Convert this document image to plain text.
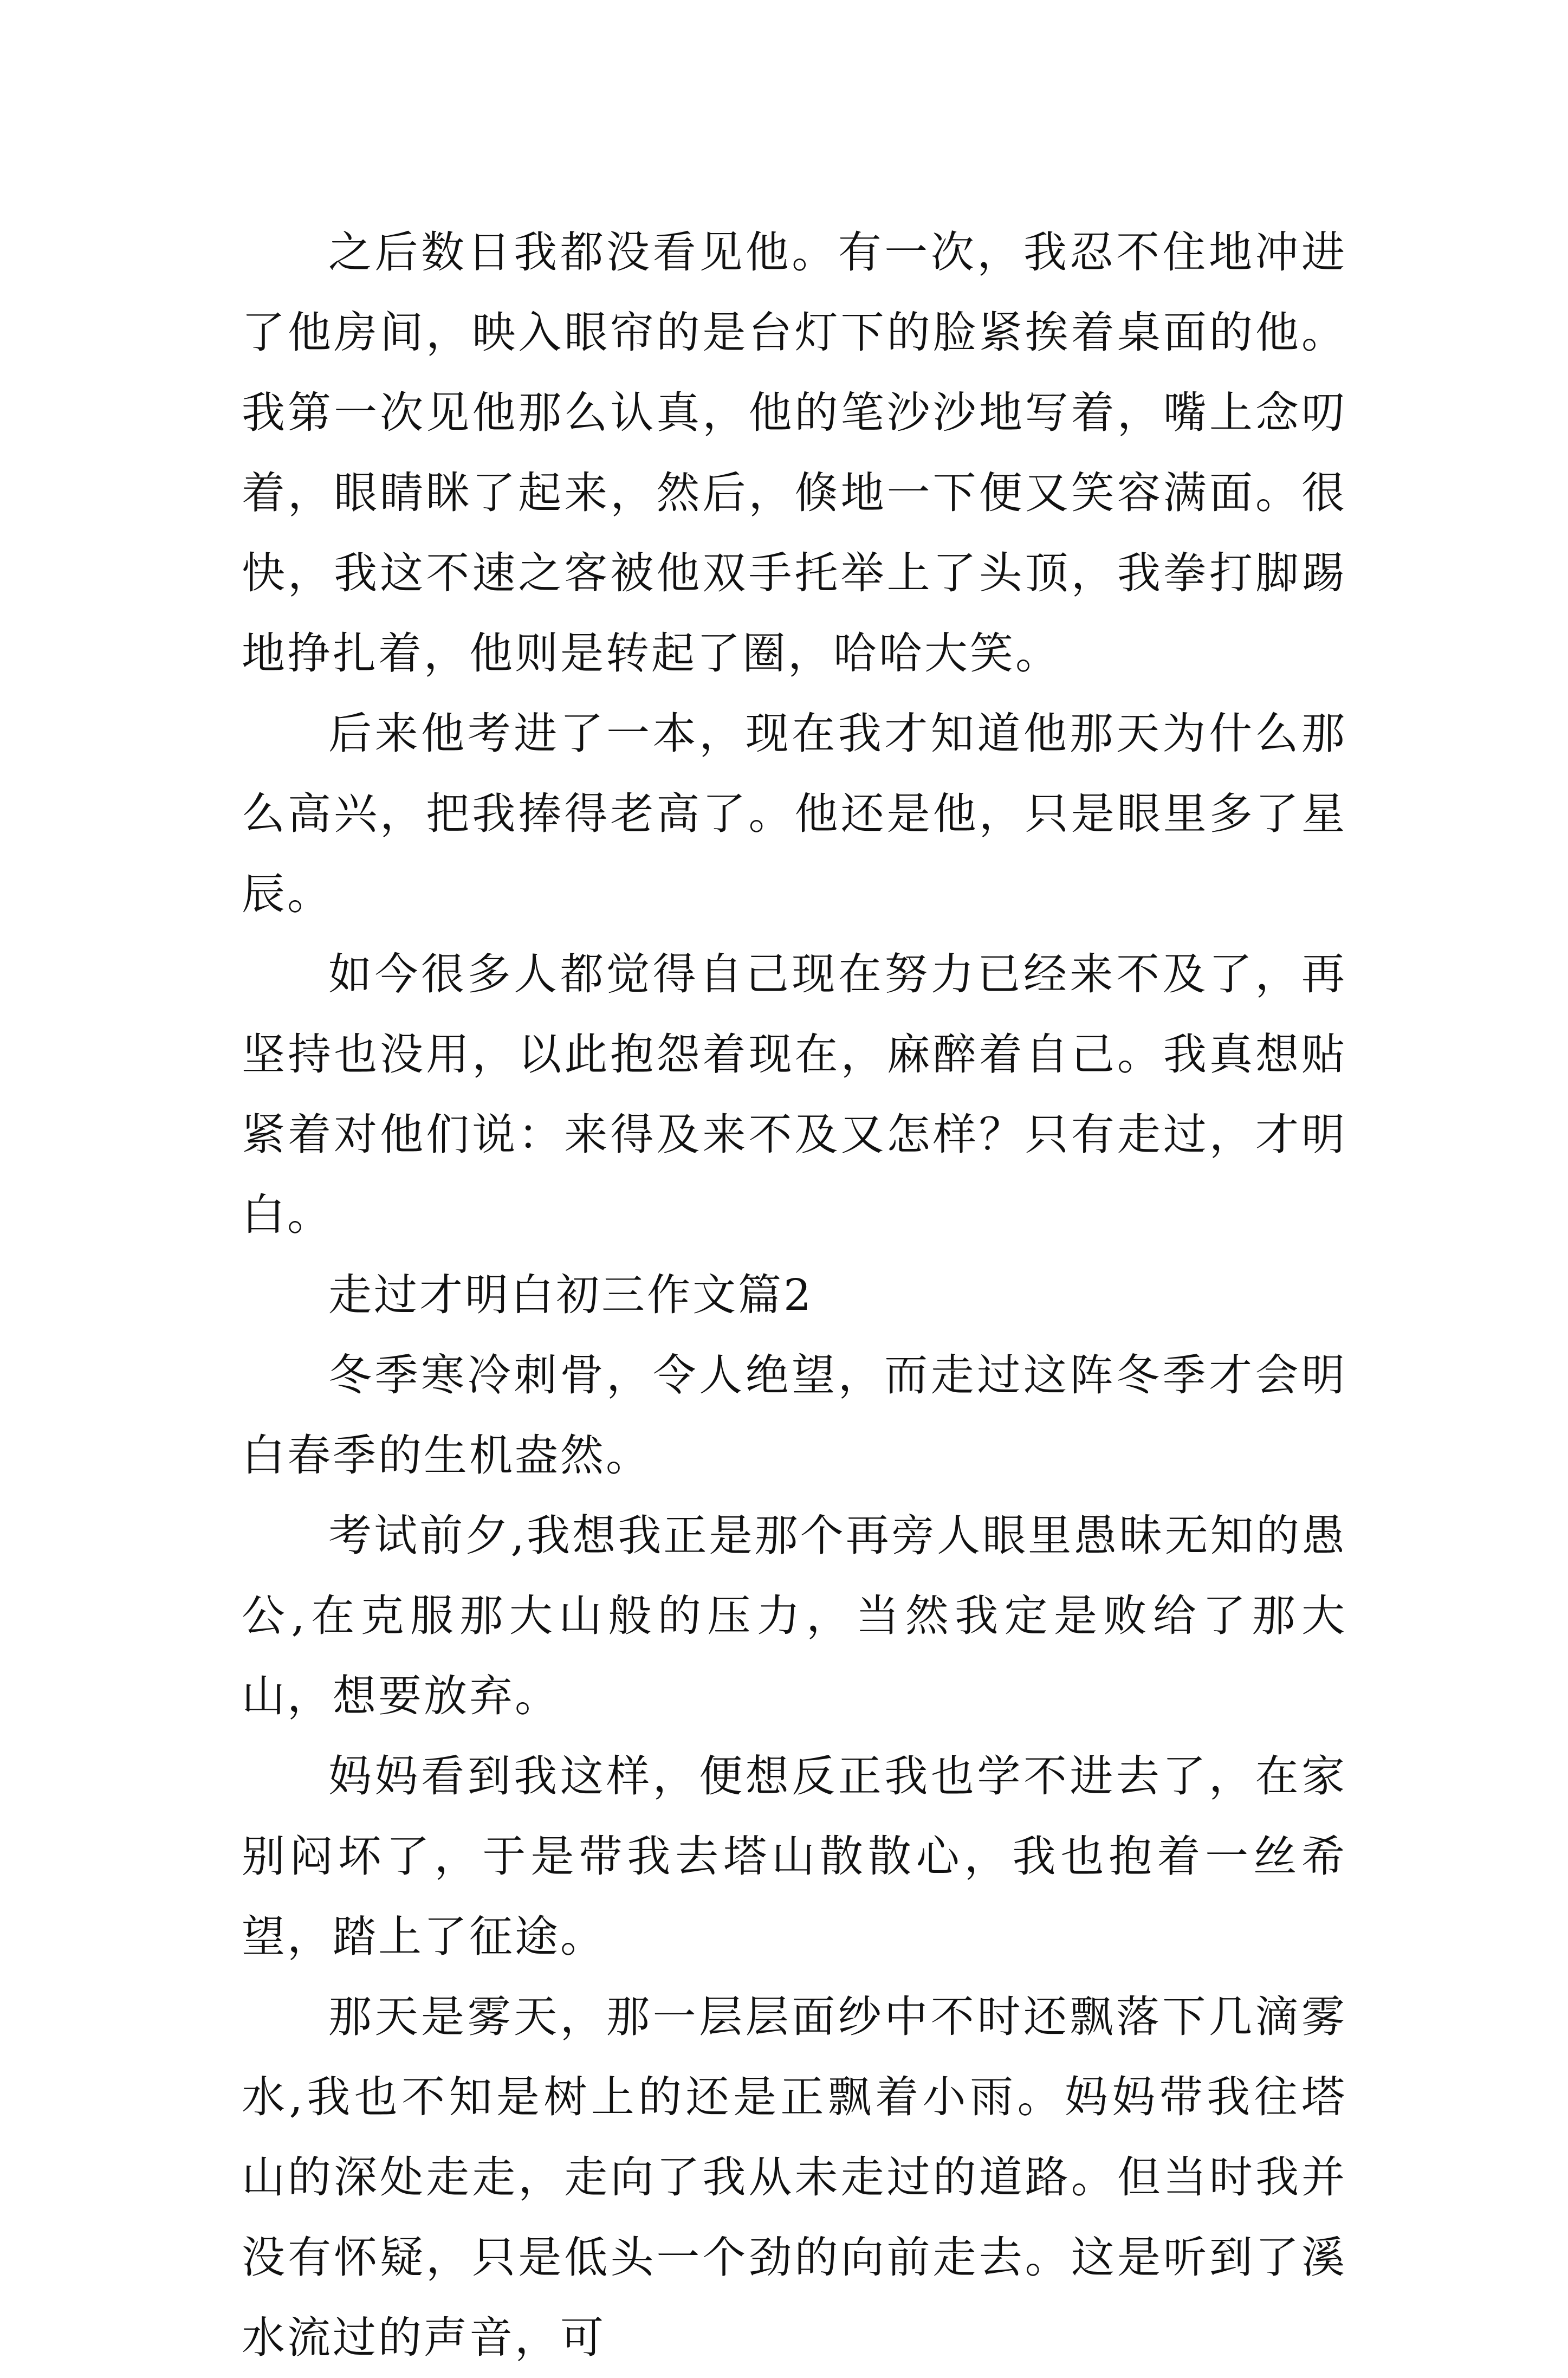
之后数日我都没看见他。有一次，我忍不住地冲进了他房间，映入眼帘的是台灯下的脸紧挨着桌面的他。我第一次见他那么认真，他的笔沙沙地写着，嘴上念叨着，眼睛眯了起来，然后，倏地一下便又笑容满面。很快，我这不速之客被他双手托举上了头顶，我拳打脚踢地挣扎着，他则是转起了圈，哈哈大笑。

后来他考进了一本，现在我才知道他那天为什么那么高兴，把我捧得老高了。他还是他，只是眼里多了星辰。

如今很多人都觉得自己现在努力已经来不及了，再坚持也没用，以此抱怨着现在，麻醉着自己。我真想贴紧着对他们说：来得及来不及又怎样？只有走过，才明白。

走过才明白初三作文篇2

冬季寒冷刺骨，令人绝望，而走过这阵冬季才会明白春季的生机盎然。

考试前夕,我想我正是那个再旁人眼里愚昧无知的愚公,在克服那大山般的压力，当然我定是败给了那大山，想要放弃。

妈妈看到我这样，便想反正我也学不进去了，在家别闷坏了，于是带我去塔山散散心，我也抱着一丝希望，踏上了征途。

那天是雾天，那一层层面纱中不时还飘落下几滴雾水,我也不知是树上的还是正飘着小雨。妈妈带我往塔山的深处走走，走向了我从未走过的道路。但当时我并没有怀疑，只是低头一个劲的向前走去。这是听到了溪水流过的声音，可
